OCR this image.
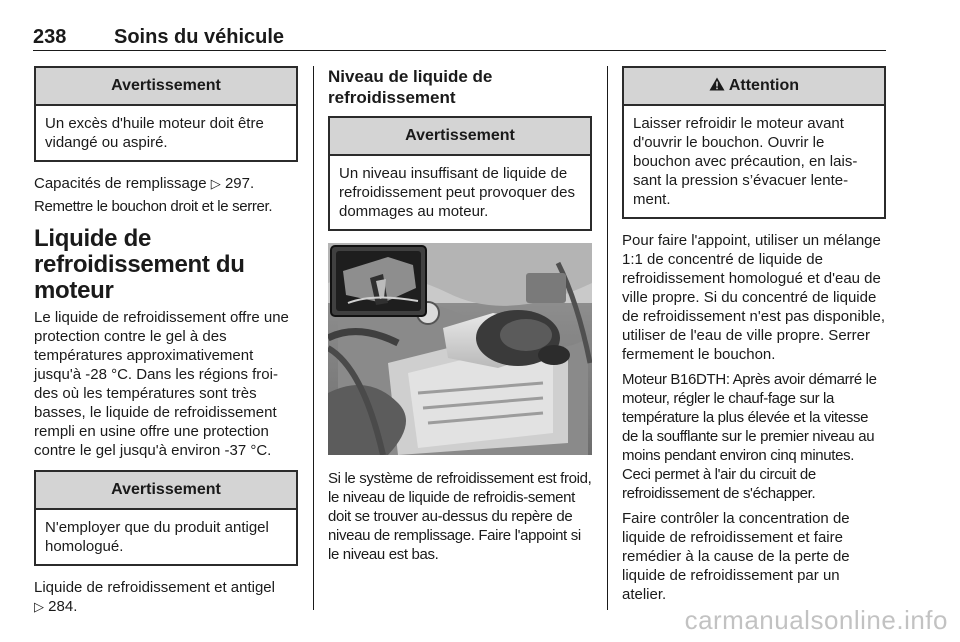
238 Soins du véhicule
Avertissement
Un excès d'huile moteur doit être vidangé ou aspiré.

Capacités de remplissage ▷ 297.

Remettre le bouchon droit et le serrer.

Liquide de refroidissement du moteur

Le liquide de refroidissement offre une protection contre le gel à des températures approximativement jusqu'à -28 °C. Dans les régions froi-des où les températures sont très basses, le liquide de refroidissement rempli en usine offre une protection contre le gel jusqu'à environ -37 °C.

Avertissement
N'employer que du produit antigel homologué.

Liquide de refroidissement et antigel
▷ 284.

Niveau de liquide de refroidissement
Avertissement
Un niveau insuffisant de liquide de refroidissement peut provoquer des dommages au moteur.

Si le système de refroidissement est froid, le niveau de liquide de refroidis-sement doit se trouver au-dessus du repère de niveau de remplissage. Faire l'appoint si le niveau est bas.

Attention
Laisser refroidir le moteur avant d'ouvrir le bouchon. Ouvrir le bouchon avec précaution, en lais-sant la pression s’évacuer lente-ment.

Pour faire l'appoint, utiliser un mélange 1:1 de concentré de liquide de refroidissement homologué et d'eau de ville propre. Si du concentré de liquide de refroidissement n'est pas disponible, utiliser de l'eau de ville propre. Serrer fermement le bouchon.

Moteur B16DTH: Après avoir démarré le moteur, régler le chauf-fage sur la température la plus élevée et la vitesse de la soufflante sur le premier niveau au moins pendant environ cinq minutes. Ceci permet à l'air du circuit de refroidissement de s'échapper.

Faire contrôler la concentration de liquide de refroidissement et faire remédier à la cause de la perte de liquide de refroidissement par un atelier.

carmanualsonline.info
